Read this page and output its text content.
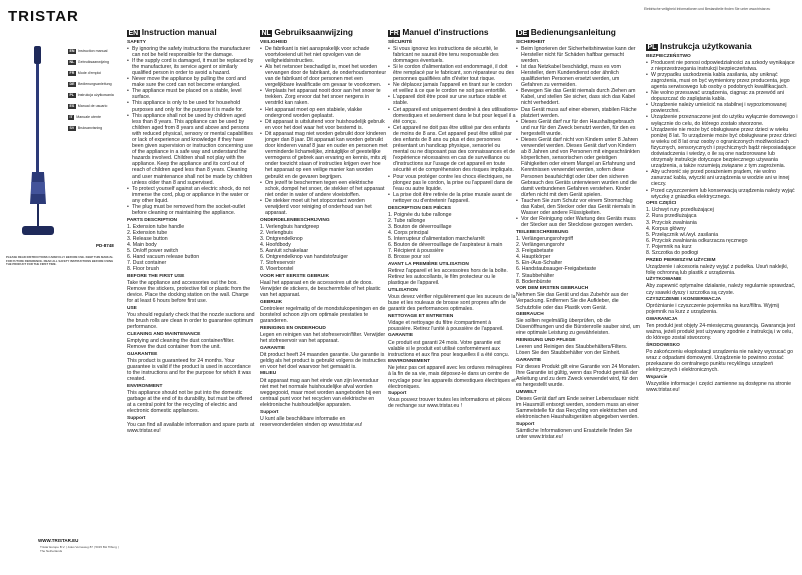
TRISTAR
EN Instruction manual
NL Gebruiksaanwijzing
FR Mode d'emploi
DE Bedienungsanleitung
PL Instrukcja użytkowania
ES Manual de usuario
IT Manuale utente
SV Bruksanvisning
PD-8748
PLEASE READ INSTRUCTIONS CAREFULLY BEFORE USE. KEEP THIS MANUAL FOR FUTURE REFERENCE. READ ALL SAFETY INSTRUCTIONS BEFORE USING THE PRODUCT FOR THE FIRST TIME.
WWW.TRISTAR.EU
Tristar Europe B.V. | Jules Verneweg 87 | 5015 BH Tilburg | The Netherlands
Elektrische veiligheid Informationen und Bestandteile finden Sie unter www.tristar.eu
EN Instruction manual
SAFETY
• By ignoring the safety instructions the manufacturer can not be held responsible for the damage.
• If the supply cord is damaged, it must be replaced by the manufacturer, its service agent or similarly qualified person in order to avoid a hazard.
• Never move the appliance by pulling the cord and make sure the cord can not become entangled.
• The appliance must be placed on a stable, level surface.
• This appliance is only to be used for household purposes and only for the purpose it is made for.
• This appliance shall not be used by children aged less than 8 years. This appliance can be used by children aged from 8 years and above and persons with reduced physical, sensory or mental capabilities or lack of experience and knowledge if they have been given supervision or instruction concerning use of the appliance in a safe way and understand the hazards involved. Children shall not play with the appliance. Keep the appliance and its cord out of reach of children aged less than 8 years. Cleaning and user maintenance shall not be made by children unless older than 8 and supervised.
• To protect yourself against an electric shock, do not immerse the cord, plug or appliance in the water or any other liquid.
• The plug must be removed from the socket-outlet before cleaning or maintaining the appliance.
PARTS DESCRIPTION
1. Extension tube handle
2. Extension tube
3. Release button
4. Main body
5. On/off power switch
6. Hand vacuum release button
7. Dust container
8. Floor brush
BEFORE THE FIRST USE
Take the appliance and accessories out the box. Remove the stickers, protective foil or plastic from the device. Place the docking station on the wall. Charge for at least 6 hours before first use.
USE
You should regularly check that the nozzle suctions and the brush rolls are clean in order to guarantee optimum performance.
CLEANING AND MAINTENANCE
Emptying and cleaning the dust container/filter. Remove the dust container from the unit.
GUARANTEE
This product is guaranteed for 24 months. Your guarantee is valid if the product is used in accordance to the instructions and for the purpose for which it was created.
ENVIRONMENT
This appliance should not be put into the domestic garbage at the end of its durability, but must be offered at a central point for the recycling of electric and electronic domestic appliances.
Support
You can find all available information and spare parts at www.tristar.eu!
NL Gebruiksaanwijzing
VEILIGHEID
• De fabrikant is niet aansprakelijk voor schade voortvloeiend uit het niet opvolgen van de veiligheidsinstructies.
• Als het netsnoer beschadigd is, moet het worden vervangen door de fabrikant, de onderhoudsmonteur van de fabrikant of door personen met een vergelijkbare kwalificatie om gevaar te voorkomen.
• Verplaats het apparaat nooit door aan het snoer te trekken. Zorg ervoor dat het snoer nergens in verstrikt kan raken.
• Het apparaat moet op een stabiele, vlakke ondergrond worden geplaatst.
• Dit apparaat is uitsluitend voor huishoudelijk gebruik en voor het doel waar het voor bestemd is.
• Dit apparaat mag niet worden gebruikt door kinderen jonger dan 8 jaar. Dit apparaat kan worden gebruikt door kinderen vanaf 8 jaar en ouder en personen met verminderde lichamelijke, zintuiglijke of geestelijke vermogens of gebrek aan ervaring en kennis, mits zij onder toezicht staan of instructies krijgen over hoe het apparaat op een veilige manier kan worden gebruikt en de gevaren begrijpen.
• Om jezelf te beschermen tegen een elektrische schok, dompel het snoer, de stekker of het apparaat niet onder in water of andere vloeistoffen.
• De stekker moet uit het stopcontact worden verwijderd voor reiniging of onderhoud van het apparaat.
ONDERDELENBESCHRIJVING
1. Verlengbuis handgreep
2. Verlengbuis
3. Ontgrendelknop
4. Hoofdbody
5. Aan/uit schakelaar
6. Ontgrendelknop van handstofzuiger
7. Stofreservoir
8. Vloerborstel
VOOR HET EERSTE GEBRUIK
Haal het apparaat en de accessoires uit de doos. Verwijder de stickers, de beschermfolie of het plastic van het apparaat.
GEBRUIK
Controleer regelmatig of de mondstukopeningen en de borstelrol schoon zijn om optimale prestaties te garanderen.
REINIGING EN ONDERHOUD
Legen en reinigen van het stofreservoir/filter. Verwijder het stofreservoir van het apparaat.
GARANTIE
Dit product heeft 24 maanden garantie. Uw garantie is geldig als het product is gebruikt volgens de instructies en voor het doel waarvoor het gemaakt is.
MILIEU
Dit apparaat mag aan het einde van zijn levensduur niet met het normale huishoudelijke afval worden weggegooid, maar moet worden aangeboden bij een centraal punt voor het recyclen van elektrische en elektronische huishoudelijke apparaten.
Support
U kunt alle beschikbare informatie en reserveonderdelen vinden op www.tristar.eu!
FR Manuel d'instructions
SÉCURITÉ
• Si vous ignorez les instructions de sécurité, le fabricant ne saurait être tenu responsable des dommages éventuels.
• Si le cordon d'alimentation est endommagé, il doit être remplacé par le fabricant, son réparateur ou des personnes qualifiées afin d'éviter tout risque.
• Ne déplacez jamais l'appareil en tirant sur le cordon et veillez à ce que le cordon ne soit pas entortillé.
• L'appareil doit être posé sur une surface stable et stable.
• Cet appareil est uniquement destiné à des utilisations domestiques et seulement dans le but pour lequel il a été conçu.
• Cet appareil ne doit pas être utilisé par des enfants de moins de 8 ans. Cet appareil peut être utilisé par des enfants de 8 ans ou plus et des personnes présentant un handicap physique, sensoriel ou mental ou ne disposant pas des connaissances et de l'expérience nécessaires en cas de surveillance ou d'instructions sur l'usage de cet appareil en toute sécurité et de compréhension des risques impliqués.
• Pour vous protéger contre les chocs électriques, ne plongez pas le cordon, la prise ou l'appareil dans de l'eau ou autre liquide.
• La prise doit être retirée de la prise murale avant de nettoyer ou d'entretenir l'appareil.
DESCRIPTION DES PIÈCES
1. Poignée du tube rallonge
2. Tube rallonge
3. Bouton de déverrouillage
4. Corps principal
5. Interrupteur d'alimentation marche/arrêt
6. Bouton de déverrouillage de l'aspirateur à main
7. Récipient à poussière
8. Brosse pour sol
AVANT LA PREMIÈRE UTILISATION
Retirez l'appareil et les accessoires hors de la boîte. Retirez les autocollants, le film protecteur ou le plastique de l'appareil.
UTILISATION
Vous devez vérifier régulièrement que les suceurs de la buse et les rouleaux de brosse sont propres afin de garantir des performances optimales.
NETTOYAGE ET ENTRETIEN
Vidage et nettoyage du filtre /compartiment à poussière. Retirez l'unité à poussière de l'appareil.
GARANTIE
Ce produit est garanti 24 mois. Votre garantie est valable si le produit est utilisé conformément aux instructions et aux fins pour lesquelles il a été conçu.
ENVIRONNEMENT
Ne jetez pas cet appareil avec les ordures ménagères à la fin de sa vie, mais déposez-le dans un centre de recyclage pour les appareils domestiques électriques et électroniques.
Support
Vous pouvez trouver toutes les informations et pièces de rechange sur www.tristar.eu !
DE Bedienungsanleitung
SICHERHEIT
• Beim Ignorieren der Sicherheitshinweise kann der Hersteller nicht für Schäden haftbar gemacht werden.
• Ist das Netzkabel beschädigt, muss es vom Hersteller, dem Kundendienst oder ähnlich qualifizierten Personen ersetzt werden, um Gefahren zu vermeiden.
• Bewegen Sie das Gerät niemals durch Ziehen am Kabel, und stellen Sie sicher, dass sich das Kabel nicht verheddert.
• Das Gerät muss auf einer ebenen, stabilen Fläche platziert werden.
• Dieses Gerät darf nur für den Haushaltsgebrauch und nur für den Zweck benutzt werden, für den es hergestellt wurde.
• Dieses Gerät darf nicht von Kindern unter 8 Jahren verwendet werden. Dieses Gerät darf von Kindern ab 8 Jahren und von Personen mit eingeschränkten körperlichen, sensorischen oder geistigen Fähigkeiten oder einem Mangel an Erfahrung und Kenntnissen verwendet werden, sofern diese Personen beaufsichtigt oder über den sicheren Gebrauch des Geräts unterwiesen wurden und die damit verbundenen Gefahren verstehen. Kinder dürfen nicht mit dem Gerät spielen.
• Tauchen Sie zum Schutz vor einem Stromschlag das Kabel, den Stecker oder das Gerät niemals in Wasser oder andere Flüssigkeiten.
• Vor der Reinigung oder Wartung des Geräts muss der Stecker aus der Steckdose gezogen werden.
TEILEBESCHREIBUNG
1. Verlängerungsrohrgriff
2. Verlängerungsrohr
3. Freigabetaste
4. Hauptkörper
5. Ein-/Aus-Schalter
6. Handstaubsauger-Freigabetaste
7. Staubbehälter
8. Bodenbürste
VOR DEM ERSTEN GEBRAUCH
Nehmen Sie das Gerät und das Zubehör aus der Verpackung. Entfernen Sie die Aufkleber, die Schutzfolie oder das Plastik vom Gerät.
GEBRAUCH
Sie sollten regelmäßig überprüfen, ob die Düsenöffnungen und die Bürstenrolle sauber sind, um eine optimale Leistung zu gewährleisten.
REINIGUNG UND PFLEGE
Leeren und Reinigen des Staubbehälters/Filters. Lösen Sie den Staubbehälter von der Einheit.
GARANTIE
Für dieses Produkt gilt eine Garantie von 24 Monaten. Ihre Garantie ist gültig, wenn das Produkt gemäß der Anleitung und zu dem Zweck verwendet wird, für den es hergestellt wurde.
UMWELT
Dieses Gerät darf am Ende seiner Lebensdauer nicht im Hausmüll entsorgt werden, sondern muss an einer Sammelstelle für das Recycling von elektrischen und elektronischen Haushaltsgeräten abgegeben werden.
Support
Sämtliche Informationen und Ersatzteile finden Sie unter www.tristar.eu!
PL Instrukcja użytkowania
BEZPIECZEŃSTWO
• Producent nie ponosi odpowiedzialności za szkody wynikające z nieprzestrzegania instrukcji bezpieczeństwa.
• W przypadku uszkodzenia kabla zasilania, aby uniknąć zagrożenia, musi on być wymieniony przez producenta, jego agenta serwisowego lub osoby o podobnych kwalifikacjach.
• Nie wolno przesuwać urządzenia, ciągnąc za przewód ani dopuszczać do zaplątania kabla.
• Urządzenie należy umieścić na stabilnej i wypoziomowanej powierzchni.
• Urządzenie przeznaczone jest do użytku wyłącznie domowego i wyłącznie do celu, do którego zostało stworzone.
• Urządzenie nie może być obsługiwane przez dzieci w wieku poniżej 8 lat. To urządzenie może być obsługiwane przez dzieci w wieku od 8 lat oraz osoby o ograniczonych możliwościach fizycznych, sensorycznych i psychicznych bądź nieposiadające doświadczenia i wiedzy, o ile są one nadzorowane lub otrzymały instrukcje dotyczące bezpiecznego używania urządzenia, a także rozumieją związane z tym zagrożenia.
• Aby uchronić się przed porażeniem prądem, nie wolno zanurzać kabla, wtyczki ani urządzenia w wodzie ani w innej cieczy.
• Przed czyszczeniem lub konserwacją urządzenia należy wyjąć wtyczkę z gniazdka elektrycznego.
OPIS CZĘŚCI
1. Uchwyt rury przedłużającej
2. Rura przedłużająca
3. Przycisk zwalniania
4. Korpus główny
5. Przełącznik wł./wył. zasilania
6. Przycisk zwalniania odkurzacza ręcznego
7. Pojemnik na kurz
8. Szczotka do podłogi
PRZED PIERWSZYM UŻYCIEM
Urządzenie i akcesoria należy wyjąć z pudełka. Usuń naklejki, folię ochronną lub plastik z urządzenia.
UŻYTKOWANIE
Aby zapewnić optymalne działanie, należy regularnie sprawdzać, czy ssawki dyszy i szczotka są czyste.
CZYSZCZENIE I KONSERWACJA
Opróżnianie i czyszczenie pojemnika na kurz/filtra. Wyjmij pojemnik na kurz z urządzenia.
GWARANCJA
Ten produkt jest objęty 24-miesięczną gwarancją. Gwarancja jest ważna, jeżeli produkt jest używany zgodnie z instrukcją i w celu, do którego został stworzony.
ŚRODOWISKO
Po zakończeniu eksploatacji urządzenia nie należy wyrzucać go wraz z odpadami domowymi. Urządzenie to powinno zostać przekazane do centralnego punktu recyklingu urządzeń elektrycznych i elektronicznych.
Wsparcie
Wszystkie informacje i części zamienne są dostępne na stronie www.tristar.eu!
